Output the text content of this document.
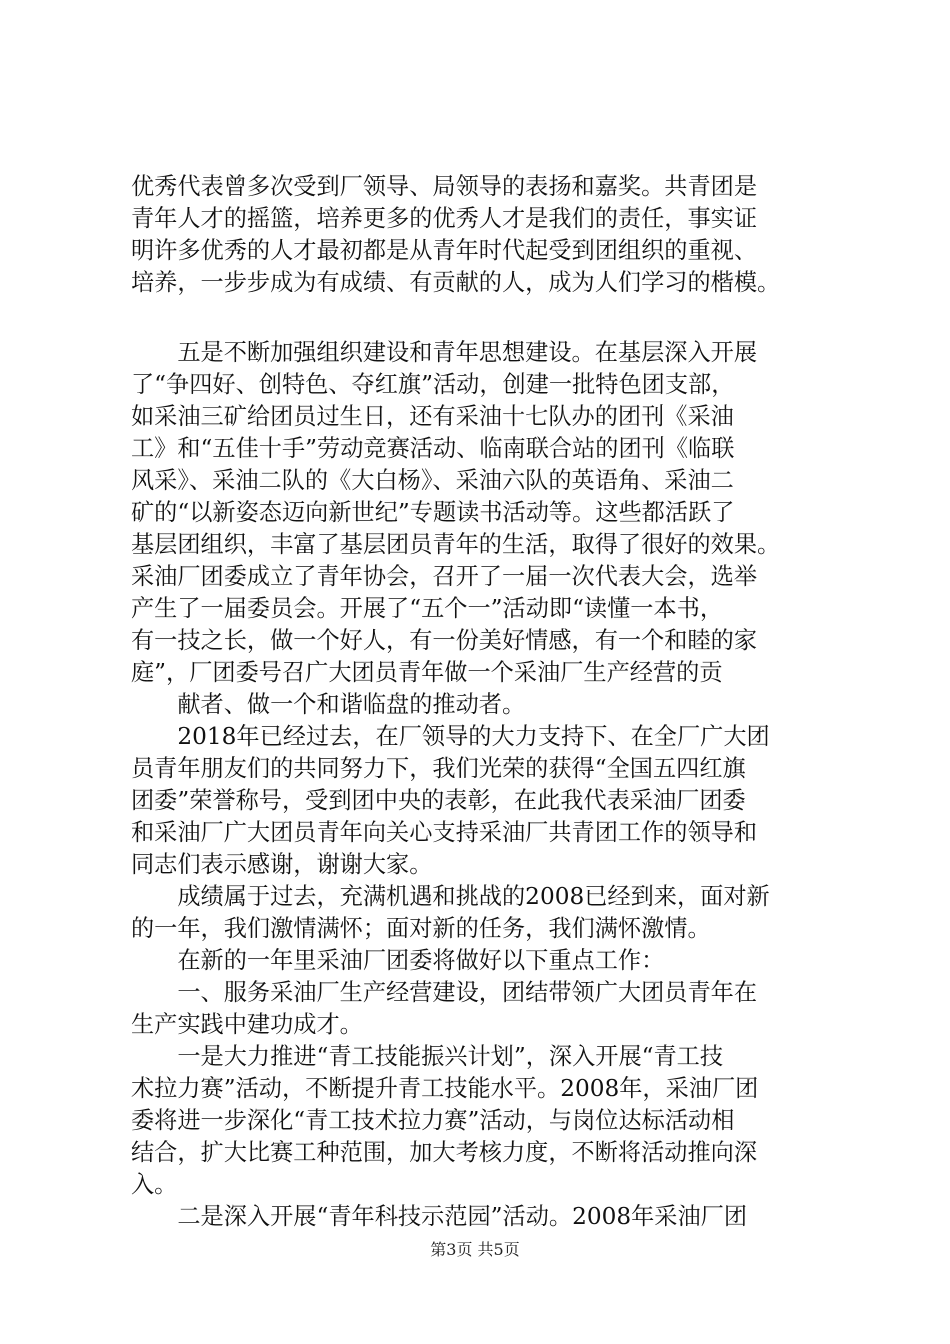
优秀代表曾多次受到厂领导、局领导的表扬和嘉奖。共青团是
青年人才的摇篮，培养更多的优秀人才是我们的责任，事实证
明许多优秀的人才最初都是从青年时代起受到团组织的重视、
培养，一步步成为有成绩、有贡献的人，成为人们学习的楷模。
　　五是不断加强组织建设和青年思想建设。在基层深入开展
了“争四好、创特色、夺红旗”活动，创建一批特色团支部，
如采油三矿给团员过生日，还有采油十七队办的团刊《采油
工》和“五佳十手”劳动竞赛活动、临南联合站的团刊《临联
风采》、采油二队的《大白杨》、采油六队的英语角、采油二
矿的“以新姿态迈向新世纪”专题读书活动等。这些都活跃了
基层团组织，丰富了基层团员青年的生活，取得了很好的效果。
采油厂团委成立了青年协会，召开了一届一次代表大会，选举
产生了一届委员会。开展了“五个一”活动即“读懂一本书，
有一技之长，做一个好人，有一份美好情感，有一个和睦的家
庭”，厂团委号召广大团员青年做一个采油厂生产经营的贡
　　献者、做一个和谐临盘的推动者。
　　2018年已经过去，在厂领导的大力支持下、在全厂广大团
员青年朋友们的共同努力下，我们光荣的获得“全国五四红旗
团委”荣誉称号，受到团中央的表彰，在此我代表采油厂团委
和采油厂广大团员青年向关心支持采油厂共青团工作的领导和
同志们表示感谢，谢谢大家。
　　成绩属于过去，充满机遇和挑战的2008已经到来，面对新
的一年，我们激情满怀；面对新的任务，我们满怀激情。
　　在新的一年里采油厂团委将做好以下重点工作：
　　一、服务采油厂生产经营建设，团结带领广大团员青年在
生产实践中建功成才。
　　一是大力推进“青工技能振兴计划”，深入开展“青工技
术拉力赛”活动，不断提升青工技能水平。2008年，采油厂团
委将进一步深化“青工技术拉力赛”活动，与岗位达标活动相
结合，扩大比赛工种范围，加大考核力度，不断将活动推向深
入。
　　二是深入开展“青年科技示范园”活动。2008年采油厂团
第3页 共5页
